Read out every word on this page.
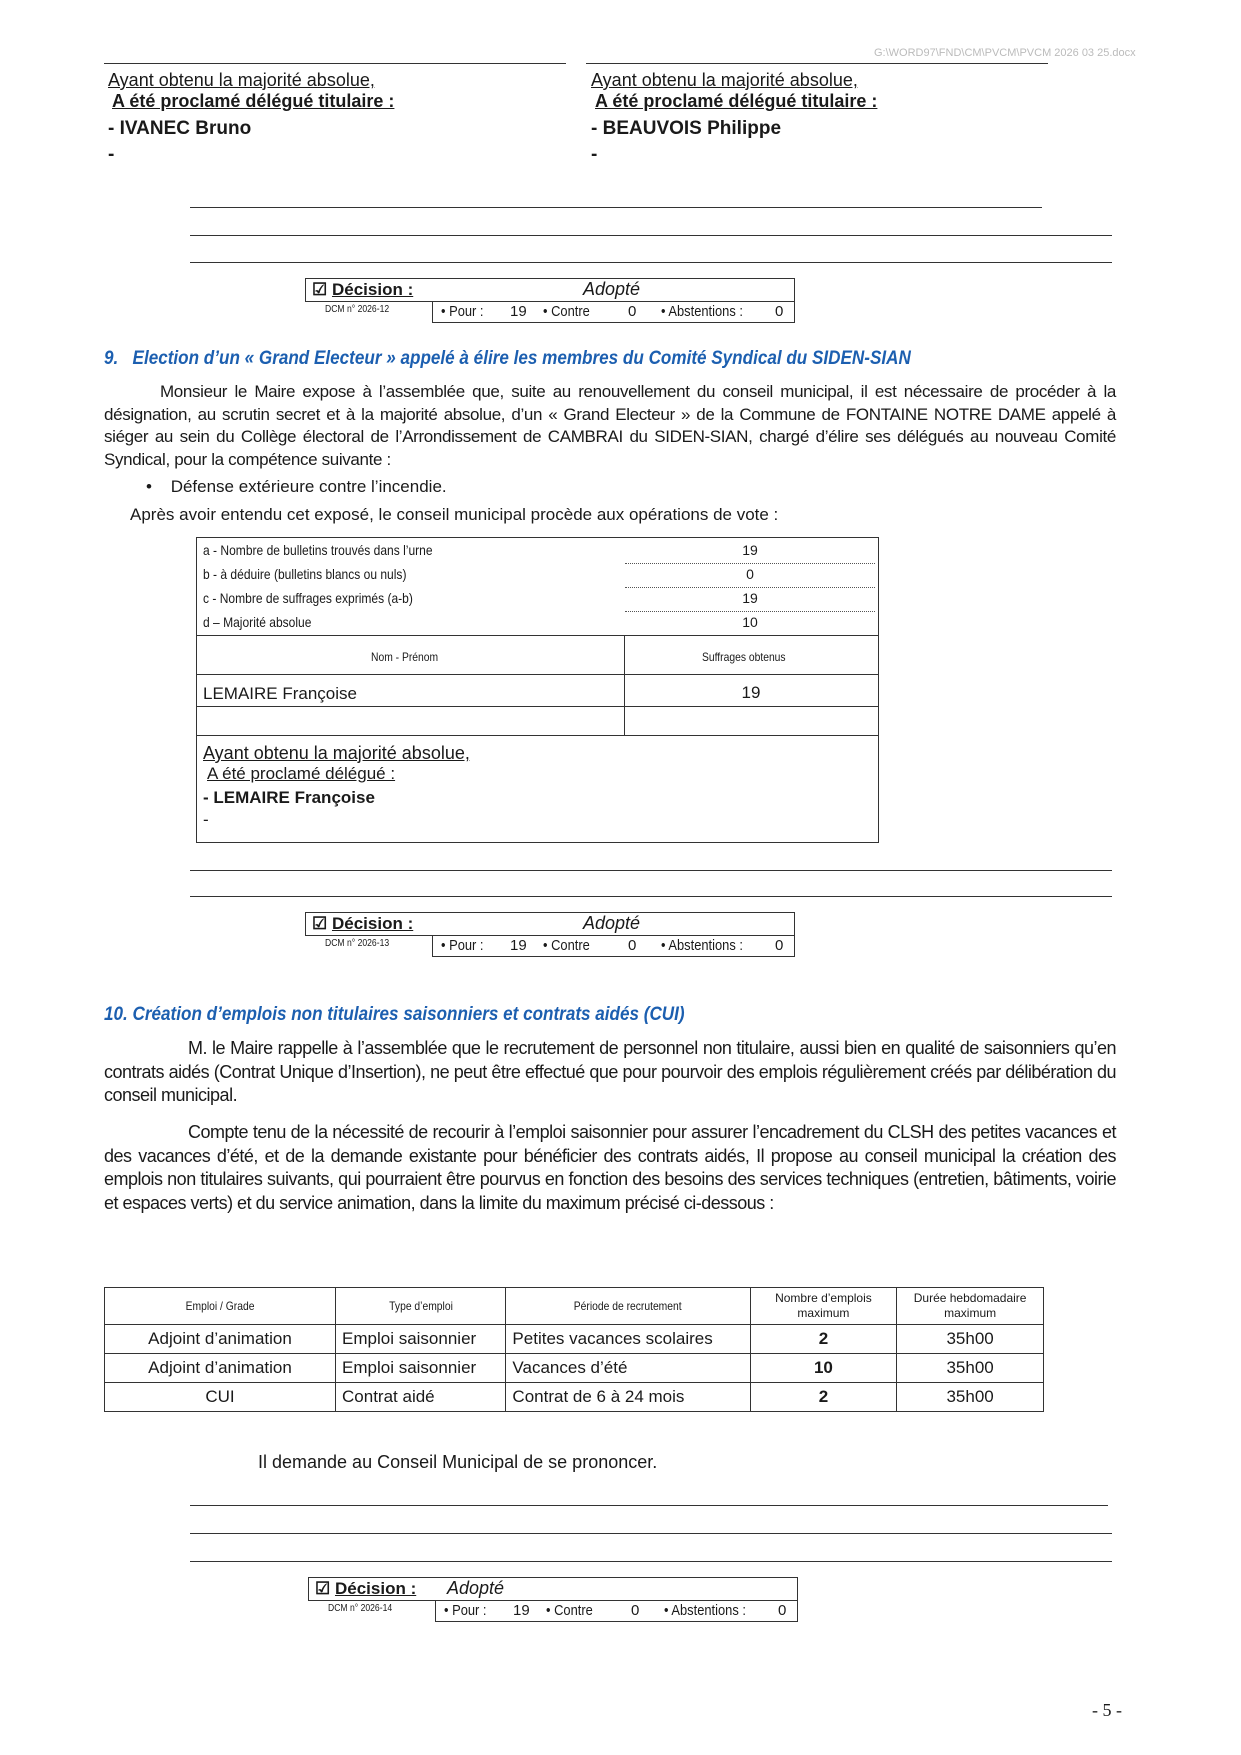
G:\WORD97\FND\CM\PVCM\PVCM 2026 03 25.docx
Ayant obtenu la majorité absolue,
A été proclamé délégué titulaire :
- IVANEC Bruno
-
Ayant obtenu la majorité absolue,
A été proclamé délégué titulaire :
- BEAUVOIS Philippe
-
☑ Décision :	Adopté
DCM n° 2026-12	• Pour : 19 • Contre	0 • Abstentions : 0
9. Election d’un « Grand Electeur » appelé à élire les membres du Comité Syndical du SIDEN-SIAN

Monsieur le Maire expose à l’assemblée que, suite au renouvellement du conseil municipal, il est nécessaire de procéder à la désignation, au scrutin secret et à la majorité absolue, d’un « Grand Electeur » de la Commune de FONTAINE NOTRE DAME appelé à siéger au sein du Collège électoral de l’Arrondissement de CAMBRAI du SIDEN-SIAN, chargé d’élire ses délégués au nouveau Comité Syndical, pour la compétence suivante :

• Défense extérieure contre l’incendie.
Après avoir entendu cet exposé, le conseil municipal procède aux opérations de vote :
a - Nombre de bulletins trouvés dans l’urne	19
b - à déduire (bulletins blancs ou nuls)	0
c - Nombre de suffrages exprimés (a-b)	19
d – Majorité absolue	10
Nom - Prénom	Suffrages obtenus
LEMAIRE Françoise	19
Ayant obtenu la majorité absolue,
A été proclamé délégué :
- LEMAIRE Françoise
-
☑ Décision :	Adopté
DCM n° 2026-13	• Pour : 19 • Contre	0 • Abstentions : 0
10. Création d’emplois non titulaires saisonniers et contrats aidés (CUI)

M. le Maire rappelle à l’assemblée que le recrutement de personnel non titulaire, aussi bien en qualité de saisonniers qu’en contrats aidés (Contrat Unique d’Insertion), ne peut être effectué que pour pourvoir des emplois régulièrement créés par délibération du conseil municipal.

Compte tenu de la nécessité de recourir à l’emploi saisonnier pour assurer l’encadrement du CLSH des petites vacances et des vacances d’été, et de la demande existante pour bénéficier des contrats aidés, Il propose au conseil municipal la création des emplois non titulaires suivants, qui pourraient être pourvus en fonction des besoins des services techniques (entretien, bâtiments, voirie et espaces verts) et du service animation, dans la limite du maximum précisé ci-dessous :

Emploi / Grade	Type d’emploi	Période de recrutement	Nombre d’emplois maximum	Durée hebdomadaire maximum

Adjoint d’animation	Emploi saisonnier	Petites vacances scolaires	2	35h00
Adjoint d’animation	Emploi saisonnier	Vacances d’été	10	35h00
CUI	Contrat aidé	Contrat de 6 à 24 mois	2	35h00
Il demande au Conseil Municipal de se prononcer.
☑ Décision : Adopté
DCM n° 2026-14	• Pour : 19 • Contre	0 • Abstentions : 0
- 5 -
